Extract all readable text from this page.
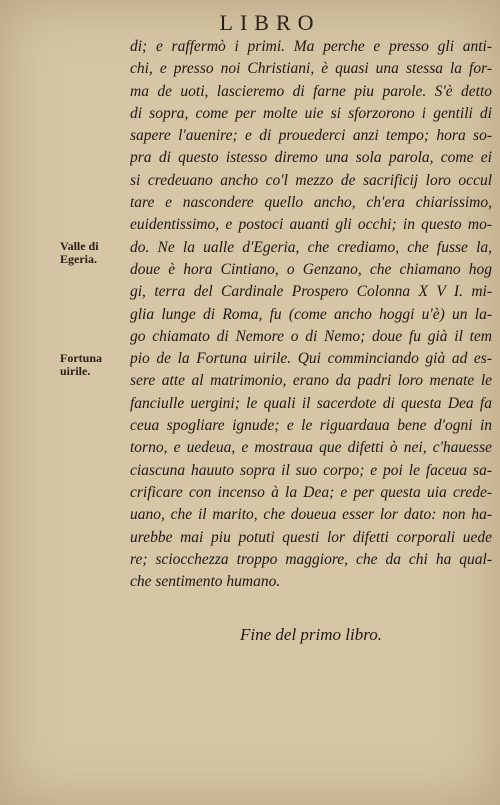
LIBRO
Valle di
Egeria.
Fortuna
uirile.
di; e raffermò i primi. Ma perche e presso gli anti-
chi, e presso noi Christiani, è quasi una stessa la for-
ma de uoti, lascieremo di farne piu parole. S'è detto
di sopra, come per molte uie si sforzorono i gentili di
sapere l'auenire; e di prouederci anzi tempo; hora so-
pra di questo istesso diremo una sola parola, come ei
si credeuano ancho co'l mezzo de sacrificij loro occul
tare e nascondere quello ancho, ch'era chiarissimo,
euidentissimo, e postoci auanti gli occhi; in questo mo-
do. Ne la ualle d'Egeria, che crediamo, che fusse la,
doue è hora Cintiano, o Genzano, che chiamano hog
gi, terra del Cardinale Prospero Colonna X V I. mi-
glia lunge di Roma, fu (come ancho hoggi u'è) un la-
go chiamato di Nemore o di Nemo; doue fu già il tem
pio de la Fortuna uirile. Qui comminciando già ad es-
sere atte al matrimonio, erano da padri loro menate le
fanciulle uergini; le quali il sacerdote di questa Dea fa
ceua spogliare ignude; e le riguardaua bene d'ogni in
torno, e uedeua, e mostraua que difetti ò nei, c'hauesse
ciascuna hauuto sopra il suo corpo; e poi le faceua sa-
crificare con incenso à la Dea; e per questa uia crede-
uano, che il marito, che doueua esser lor dato: non ha-
urebbe mai piu potuti questi lor difetti corporali uede
re; sciocchezza troppo maggiore, che da chi ha qual-
che sentimento humano.
Fine del primo libro.
